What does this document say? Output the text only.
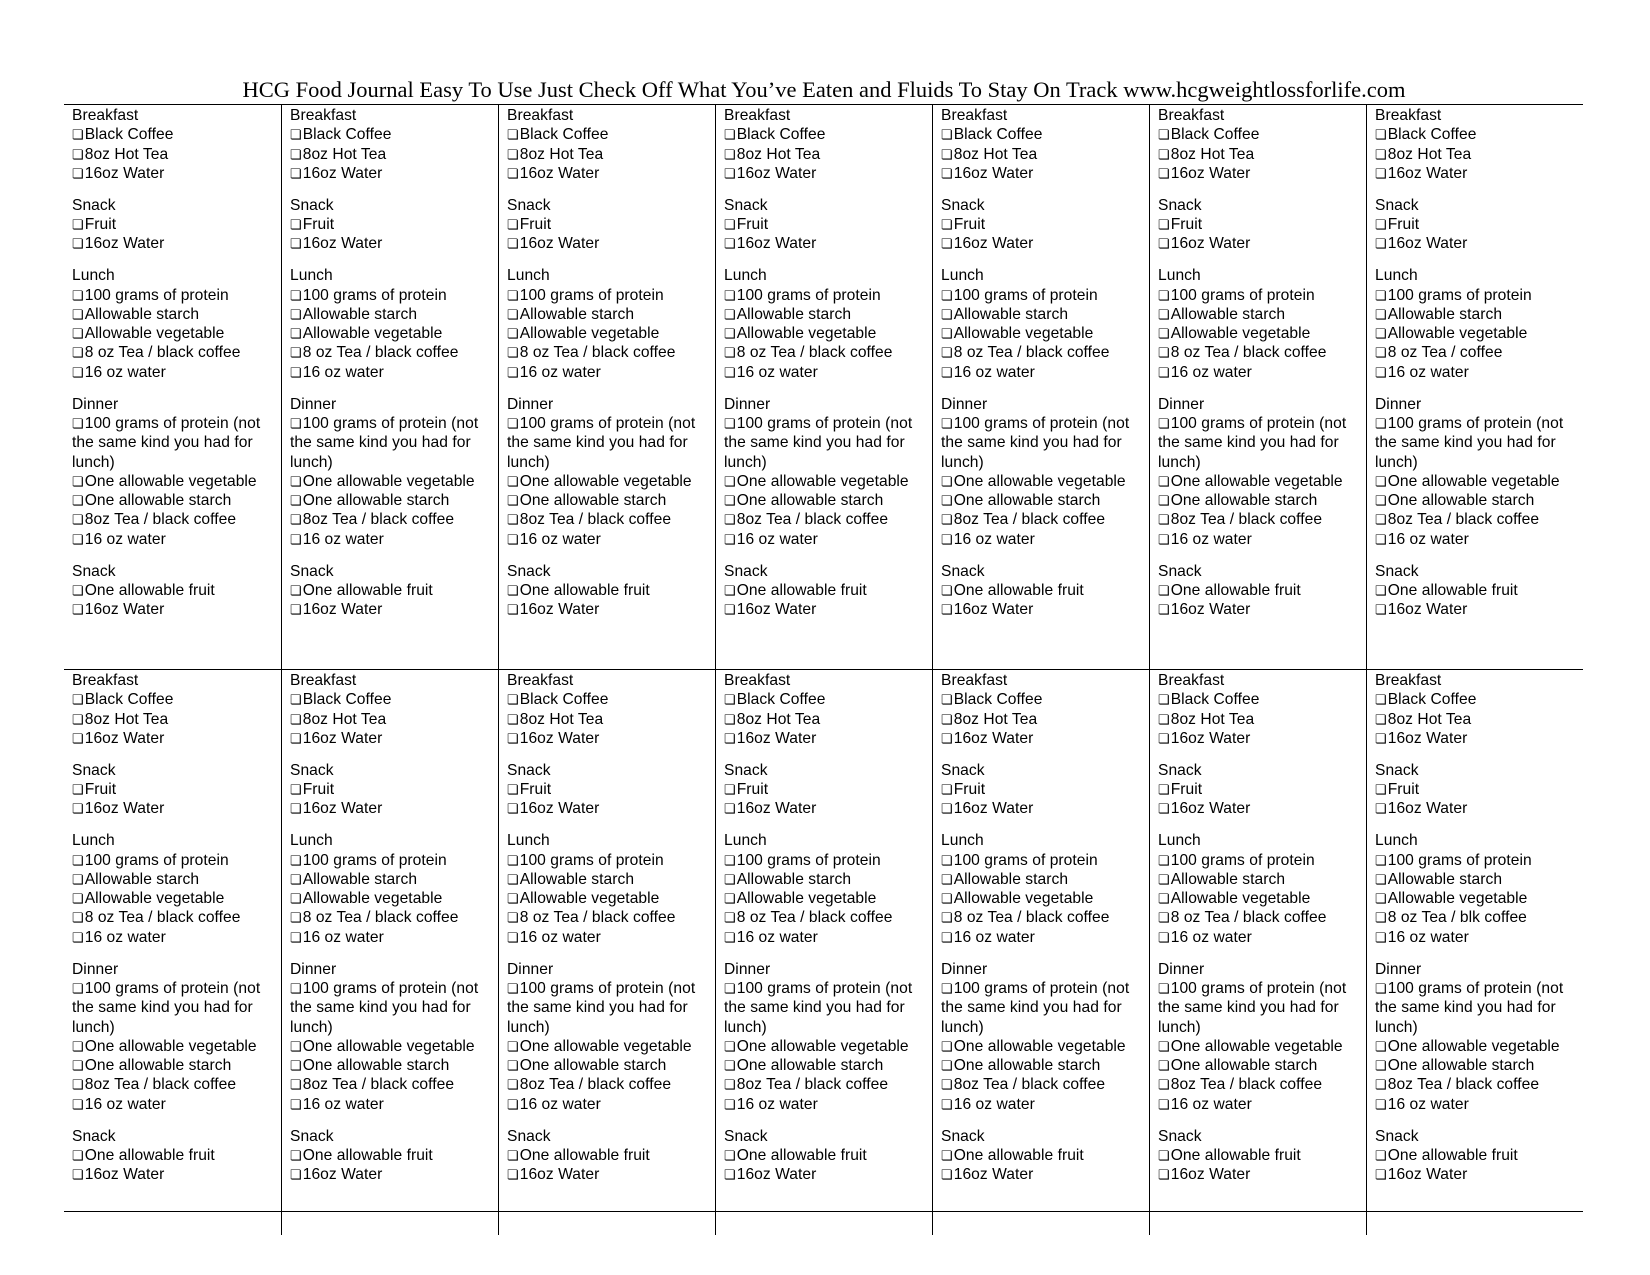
HCG Food Journal Easy To Use Just Check Off What You’ve Eaten and Fluids To Stay On Track www.hcgweightlossforlife.com
Breakfast
❏Black Coffee
❏8oz Hot Tea
❏16oz Water
Snack
❏Fruit
❏16oz Water
Lunch
❏100 grams of protein
❏Allowable starch
❏Allowable vegetable
❏8 oz Tea / black coffee
❏16 oz water
Dinner
❏100 grams of protein (not the same kind you had for lunch)
❏One allowable vegetable
❏One allowable starch
❏8oz Tea / black coffee
❏16 oz water
Snack
❏One allowable fruit
❏16oz Water
Breakfast
❏Black Coffee
❏8oz Hot Tea
❏16oz Water
Snack
❏Fruit
❏16oz Water
Lunch
❏100 grams of protein
❏Allowable starch
❏Allowable vegetable
❏8 oz Tea / black coffee
❏16 oz water
Dinner
❏100 grams of protein (not the same kind you had for lunch)
❏One allowable vegetable
❏One allowable starch
❏8oz Tea / black coffee
❏16 oz water
Snack
❏One allowable fruit
❏16oz Water
Breakfast
❏Black Coffee
❏8oz Hot Tea
❏16oz Water
Snack
❏Fruit
❏16oz Water
Lunch
❏100 grams of protein
❏Allowable starch
❏Allowable vegetable
❏8 oz Tea / black coffee
❏16 oz water
Dinner
❏100 grams of protein (not the same kind you had for lunch)
❏One allowable vegetable
❏One allowable starch
❏8oz Tea / black coffee
❏16 oz water
Snack
❏One allowable fruit
❏16oz Water
Breakfast
❏Black Coffee
❏8oz Hot Tea
❏16oz Water
Snack
❏Fruit
❏16oz Water
Lunch
❏100 grams of protein
❏Allowable starch
❏Allowable vegetable
❏8 oz Tea / black coffee
❏16 oz water
Dinner
❏100 grams of protein (not the same kind you had for lunch)
❏One allowable vegetable
❏One allowable starch
❏8oz Tea / black coffee
❏16 oz water
Snack
❏One allowable fruit
❏16oz Water
Breakfast
❏Black Coffee
❏8oz Hot Tea
❏16oz Water
Snack
❏Fruit
❏16oz Water
Lunch
❏100 grams of protein
❏Allowable starch
❏Allowable vegetable
❏8 oz Tea / black coffee
❏16 oz water
Dinner
❏100 grams of protein (not the same kind you had for lunch)
❏One allowable vegetable
❏One allowable starch
❏8oz Tea / black coffee
❏16 oz water
Snack
❏One allowable fruit
❏16oz Water
Breakfast
❏Black Coffee
❏8oz Hot Tea
❏16oz Water
Snack
❏Fruit
❏16oz Water
Lunch
❏100 grams of protein
❏Allowable starch
❏Allowable vegetable
❏8 oz Tea / black coffee
❏16 oz water
Dinner
❏100 grams of protein (not the same kind you had for lunch)
❏One allowable vegetable
❏One allowable starch
❏8oz Tea / black coffee
❏16 oz water
Snack
❏One allowable fruit
❏16oz Water
Breakfast
❏Black Coffee
❏8oz Hot Tea
❏16oz Water
Snack
❏Fruit
❏16oz Water
Lunch
❏100 grams of protein
❏Allowable starch
❏Allowable vegetable
❏8 oz Tea / coffee
❏16 oz water
Dinner
❏100 grams of protein (not the same kind you had for lunch)
❏One allowable vegetable
❏One allowable starch
❏8oz Tea / black coffee
❏16 oz water
Snack
❏One allowable fruit
❏16oz Water
Breakfast
❏Black Coffee
❏8oz Hot Tea
❏16oz Water
Snack
❏Fruit
❏16oz Water
Lunch
❏100 grams of protein
❏Allowable starch
❏Allowable vegetable
❏8 oz Tea / black coffee
❏16 oz water
Dinner
❏100 grams of protein (not the same kind you had for lunch)
❏One allowable vegetable
❏One allowable starch
❏8oz Tea / black coffee
❏16 oz water
Snack
❏One allowable fruit
❏16oz Water
Breakfast
❏Black Coffee
❏8oz Hot Tea
❏16oz Water
Snack
❏Fruit
❏16oz Water
Lunch
❏100 grams of protein
❏Allowable starch
❏Allowable vegetable
❏8 oz Tea / black coffee
❏16 oz water
Dinner
❏100 grams of protein (not the same kind you had for lunch)
❏One allowable vegetable
❏One allowable starch
❏8oz Tea / black coffee
❏16 oz water
Snack
❏One allowable fruit
❏16oz Water
Breakfast
❏Black Coffee
❏8oz Hot Tea
❏16oz Water
Snack
❏Fruit
❏16oz Water
Lunch
❏100 grams of protein
❏Allowable starch
❏Allowable vegetable
❏8 oz Tea / black coffee
❏16 oz water
Dinner
❏100 grams of protein (not the same kind you had for lunch)
❏One allowable vegetable
❏One allowable starch
❏8oz Tea / black coffee
❏16 oz water
Snack
❏One allowable fruit
❏16oz Water
Breakfast
❏Black Coffee
❏8oz Hot Tea
❏16oz Water
Snack
❏Fruit
❏16oz Water
Lunch
❏100 grams of protein
❏Allowable starch
❏Allowable vegetable
❏8 oz Tea / black coffee
❏16 oz water
Dinner
❏100 grams of protein (not the same kind you had for lunch)
❏One allowable vegetable
❏One allowable starch
❏8oz Tea / black coffee
❏16 oz water
Snack
❏One allowable fruit
❏16oz Water
Breakfast
❏Black Coffee
❏8oz Hot Tea
❏16oz Water
Snack
❏Fruit
❏16oz Water
Lunch
❏100 grams of protein
❏Allowable starch
❏Allowable vegetable
❏8 oz Tea / black coffee
❏16 oz water
Dinner
❏100 grams of protein (not the same kind you had for lunch)
❏One allowable vegetable
❏One allowable starch
❏8oz Tea / black coffee
❏16 oz water
Snack
❏One allowable fruit
❏16oz Water
Breakfast
❏Black Coffee
❏8oz Hot Tea
❏16oz Water
Snack
❏Fruit
❏16oz Water
Lunch
❏100 grams of protein
❏Allowable starch
❏Allowable vegetable
❏8 oz Tea / black coffee
❏16 oz water
Dinner
❏100 grams of protein (not the same kind you had for lunch)
❏One allowable vegetable
❏One allowable starch
❏8oz Tea / black coffee
❏16 oz water
Snack
❏One allowable fruit
❏16oz Water
Breakfast
❏Black Coffee
❏8oz Hot Tea
❏16oz Water
Snack
❏Fruit
❏16oz Water
Lunch
❏100 grams of protein
❏Allowable starch
❏Allowable vegetable
❏8 oz Tea / blk coffee
❏16 oz water
Dinner
❏100 grams of protein (not the same kind you had for lunch)
❏One allowable vegetable
❏One allowable starch
❏8oz Tea / black coffee
❏16 oz water
Snack
❏One allowable fruit
❏16oz Water
